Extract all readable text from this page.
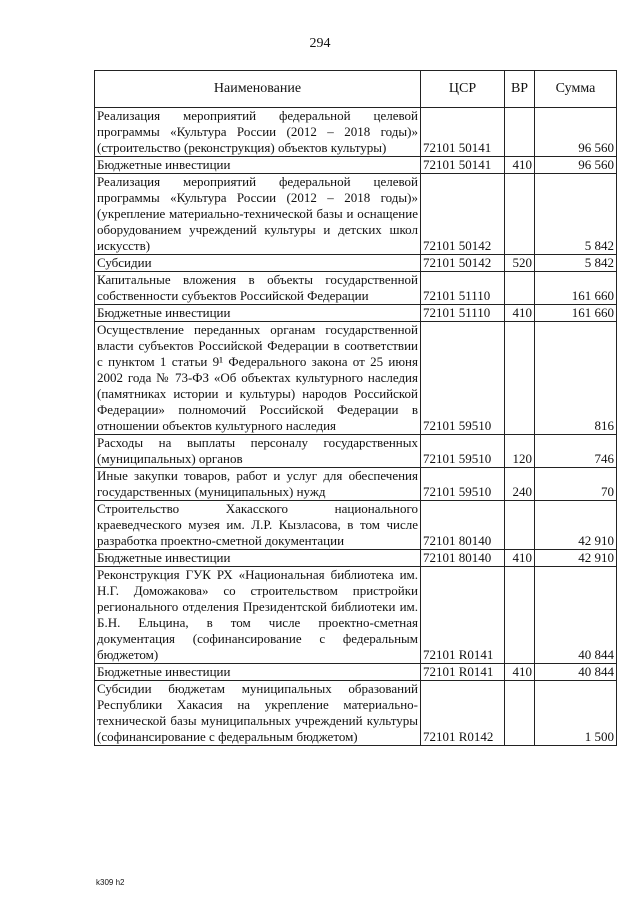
294
Наименование	ЦСР	ВР	Сумма
Реализация мероприятий федеральной целевой программы «Культура России (2012 – 2018 годы)» (строительство (реконструкция) объектов культуры)	72101 50141		96 560
Бюджетные инвестиции	72101 50141	410	96 560
Реализация мероприятий федеральной целевой программы «Культура России (2012 – 2018 годы)» (укрепление материально-технической базы и оснащение оборудованием учреждений культуры и детских школ искусств)	72101 50142		5 842
Субсидии	72101 50142	520	5 842
Капитальные вложения в объекты государственной собственности субъектов Российской Федерации	72101 51110		161 660
Бюджетные инвестиции	72101 51110	410	161 660
Осуществление переданных органам государственной власти субъектов Российской Федерации в соответствии с пунктом 1 статьи 9¹ Федерального закона от 25 июня 2002 года № 73-ФЗ «Об объектах культурного наследия (памятниках истории и культуры) народов Российской Федерации» полномочий Российской Федерации в отношении объектов культурного наследия	72101 59510		816
Расходы на выплаты персоналу государственных (муниципальных) органов	72101 59510	120	746
Иные закупки товаров, работ и услуг для обеспечения государственных (муниципальных) нужд	72101 59510	240	70
Строительство Хакасского национального краеведческого музея им. Л.Р. Кызласова, в том числе разработка проектно-сметной документации	72101 80140		42 910
Бюджетные инвестиции	72101 80140	410	42 910
Реконструкция ГУК РХ «Национальная библиотека им. Н.Г. Доможакова» со строительством пристройки регионального отделения Президентской библиотеки им. Б.Н. Ельцина, в том числе проектно-сметная документация (софинансирование с федеральным бюджетом)	72101 R0141		40 844
Бюджетные инвестиции	72101 R0141	410	40 844
Субсидии бюджетам муниципальных образований Республики Хакасия на укрепление материально-технической базы муниципальных учреждений культуры (софинансирование с федеральным бюджетом)	72101 R0142		1 500
k309 h2
